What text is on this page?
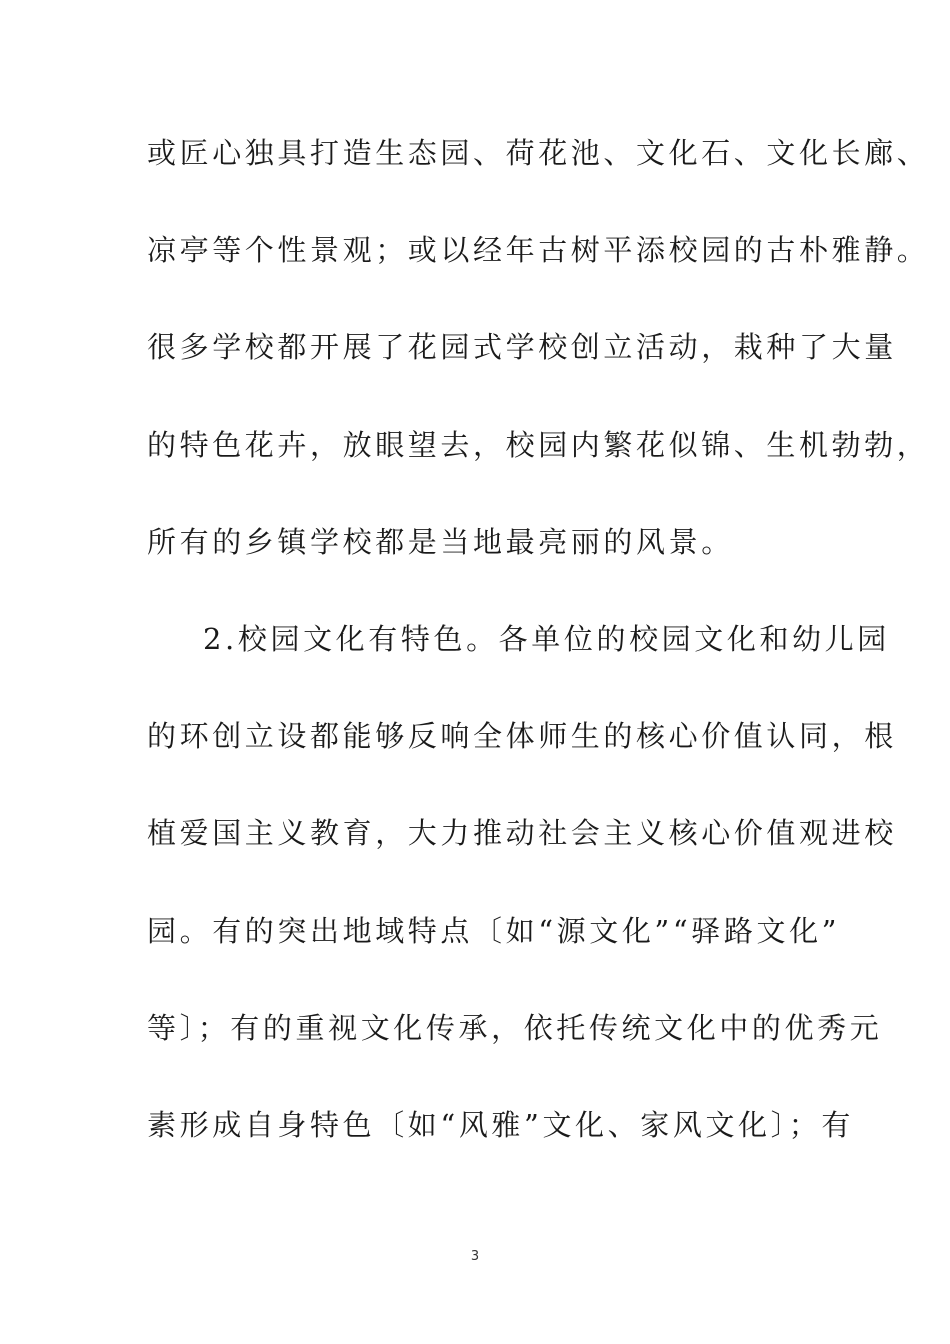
或匠心独具打造生态园、荷花池、文化石、文化长廊、
凉亭等个性景观；或以经年古树平添校园的古朴雅静。
很多学校都开展了花园式学校创立活动，栽种了大量
的特色花卉，放眼望去，校园内繁花似锦、生机勃勃，
所有的乡镇学校都是当地最亮丽的风景。
2.校园文化有特色。各单位的校园文化和幼儿园
的环创立设都能够反响全体师生的核心价值认同，根
植爱国主义教育，大力推动社会主义核心价值观进校
园。有的突出地域特点〔如“源文化”“驿路文化”
等〕；有的重视文化传承，依托传统文化中的优秀元
素形成自身特色〔如“风雅”文化、家风文化〕；有
3
